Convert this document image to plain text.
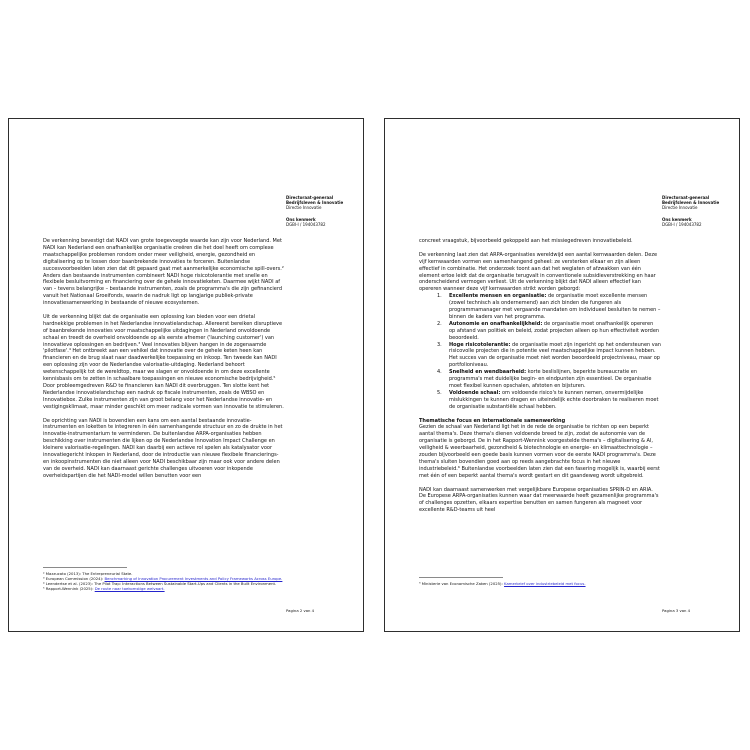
Directoraat-generaal
Bedrijfsleven & Innovatie
Directie Innovatie
Ons kenmerk
DGBI-I / 194043782

De verkenning bevestigt dat NADI van grote toegevoegde waarde kan zijn voor Nederland. Met NADI kan Nederland een onafhankelijke organisatie creëren die het doel heeft om complexe maatschappelijke problemen rondom onder meer veiligheid, energie, gezondheid en digitalisering op te lossen door baanbrekende innovaties te forceren. Buitenlandse succesvoorbeelden laten zien dat dit gepaard gaat met aanmerkelijke economische spill-overs.² Anders dan bestaande instrumenten combineert NADI hoge risicotolerantie met snelle en flexibele besluitvorming en financiering over de gehele innovatieketen. Daarmee wijkt NADI af van – tevens belangrijke – bestaande instrumenten, zoals de programma's die zijn gefinancierd vanuit het Nationaal Groeifonds, waarin de nadruk ligt op langjarige publiek-private innovatiesamenwerking in bestaande of nieuwe ecosystemen.

Uit de verkenning blijkt dat de organisatie een oplossing kan bieden voor een drietal hardnekkige problemen in het Nederlandse innovatielandschap. Allereerst bereiken disruptieve of baanbrekende innovaties voor maatschappelijke uitdagingen in Nederland onvoldoende schaal en treedt de overheid onvoldoende op als eerste afnemer ('launching customer') van innovatieve oplossingen en bedrijven.³ Veel innovaties blijven hangen in de zogenaamde 'pilotfase'.⁴ Het ontbreekt aan een vehikel dat innovatie over de gehele keten heen kan financieren en de brug slaat naar daadwerkelijke toepassing en inkoop. Ten tweede kan NADI een oplossing zijn voor de Nederlandse valorisatie-uitdaging. Nederland behoort wetenschappelijk tot de wereldtop, maar we slagen er onvoldoende in om deze excellente kennisbasis om te zetten in schaalbare toepassingen en nieuwe economische bedrijvigheid.⁵ Door probleemgedreven R&D te financieren kan NADI dit overbruggen. Ten slotte kent het Nederlandse innovatielandschap een nadruk op fiscale instrumenten, zoals de WBSO en Innovatiebox. Zulke instrumenten zijn van groot belang voor het Nederlandse innovatie- en vestigingsklimaat, maar minder geschikt om meer radicale vormen van innovatie te stimuleren.

De oprichting van NADI is bovendien een kans om een aantal bestaande innovatie-instrumenten en loketten te integreren in één samenhangende structuur en zo de drukte in het innovatie-instrumentarium te verminderen. De buitenlandse ARPA-organisaties hebben beschikking over instrumenten die lijken op de Nederlandse Innovation Impact Challenge en kleinere valorisatie-regelingen. NADI kan daarbij een actieve rol spelen als katalysator voor innovatiegericht inkopen in Nederland, door de introductie van nieuwe flexibele financierings- en inkoopinstrumenten die niet alleen voor NADI beschikbaar zijn maar ook voor andere delen van de overheid. NADI kan daarnaast gerichte challenges uitvoeren voor inkopende overheidspartijen die het NADI-model willen benutten voor een

² Mazzucato (2013): The Entrepreneurial State.
³ European Commission (2024): Benchmarking of Innovation Procurement Investments and Policy Frameworks Across Europe.
⁴ Leendertse et al. (2023): The Pilot Trap: Interactions Between Sustainable Start-Ups and Clients in the Built Environment.
⁵ Rapport-Wennink (2025): De route naar toekomstige welvaart.
Pagina 2 van 4
Directoraat-generaal
Bedrijfsleven & Innovatie
Directie Innovatie
Ons kenmerk
DGBI-I / 194043782

concreet vraagstuk, bijvoorbeeld gekoppeld aan het missiegedreven innovatiebeleid.

De verkenning laat zien dat ARPA-organisaties wereldwijd een aantal kernwaarden delen. Deze vijf kernwaarden vormen een samenhangend geheel: ze versterken elkaar en zijn alleen effectief in combinatie. Het onderzoek toont aan dat het weglaten of afzwakken van één element ertoe leidt dat de organisatie terugvalt in conventionele subsidieverstrekking en haar onderscheidend vermogen verliest. Uit de verkenning blijkt dat NADI alleen effectief kan opereren wanneer deze vijf kernwaarden strikt worden geborgd:

1.	Excellente mensen en organisatie: de organisatie moet excellente mensen (zowel technisch als ondernemend) aan zich binden die fungeren als programmamanager met vergaande mandaten om individueel besluiten te nemen – binnen de kaders van het programma.
2.	Autonomie en onafhankelijkheid: de organisatie moet onafhankelijk opereren op afstand van politiek en beleid, zodat projecten alleen op hun effectiviteit worden beoordeeld.
3.	Hoge risicotolerantie: de organisatie moet zijn ingericht op het ondersteunen van risicovolle projecten die in potentie veel maatschappelijke impact kunnen hebben. Het succes van de organisatie moet niet worden beoordeeld projectniveau, maar op portfolioniveau.
4.	Snelheid en wendbaarheid: korte beslislijnen, beperkte bureaucratie en programma's met duidelijke begin- en eindpunten zijn essentieel. De organisatie moet flexibel kunnen opschalen, afstoten en bijsturen.
5.	Voldoende schaal: om voldoende risico's te kunnen nemen, onvermijdelijke mislukkingen te kunnen dragen en uiteindelijk echte doorbraken te realiseren moet de organisatie substantiële schaal hebben.

Thematische focus en internationale samenwerking

Gezien de schaal van Nederland ligt het in de rede de organisatie te richten op een beperkt aantal thema's. Deze thema's dienen voldoende breed te zijn, zodat de autonomie van de organisatie is geborgd. De in het Rapport-Wennink voorgestelde thema's – digitalisering & AI, veiligheid & weerbaarheid, gezondheid & biotechnologie en energie- en klimaattechnologie – zouden bijvoorbeeld een goede basis kunnen vormen voor de eerste NADI programma's. Deze thema's sluiten bovendien goed aan op reeds aangebrachte focus in het nieuwe industriebeleid.⁶ Buitenlandse voorbeelden laten zien dat een fasering mogelijk is, waarbij eerst met één of een beperkt aantal thema's wordt gestart en dit gaandeweg wordt uitgebreid.

NADI kan daarnaast samenwerken met vergelijkbare Europese organisaties SPRIN-D en ARIA. De Europese ARPA-organisaties kunnen waar dat meerwaarde heeft gezamenlijke programma's of challenges opzetten, elkaars expertise benutten en samen fungeren als magneet voor excellente R&D-teams uit heel

⁶ Ministerie van Economische Zaken (2025): Kamerbrief over industriebeleid met focus.
Pagina 3 van 4
